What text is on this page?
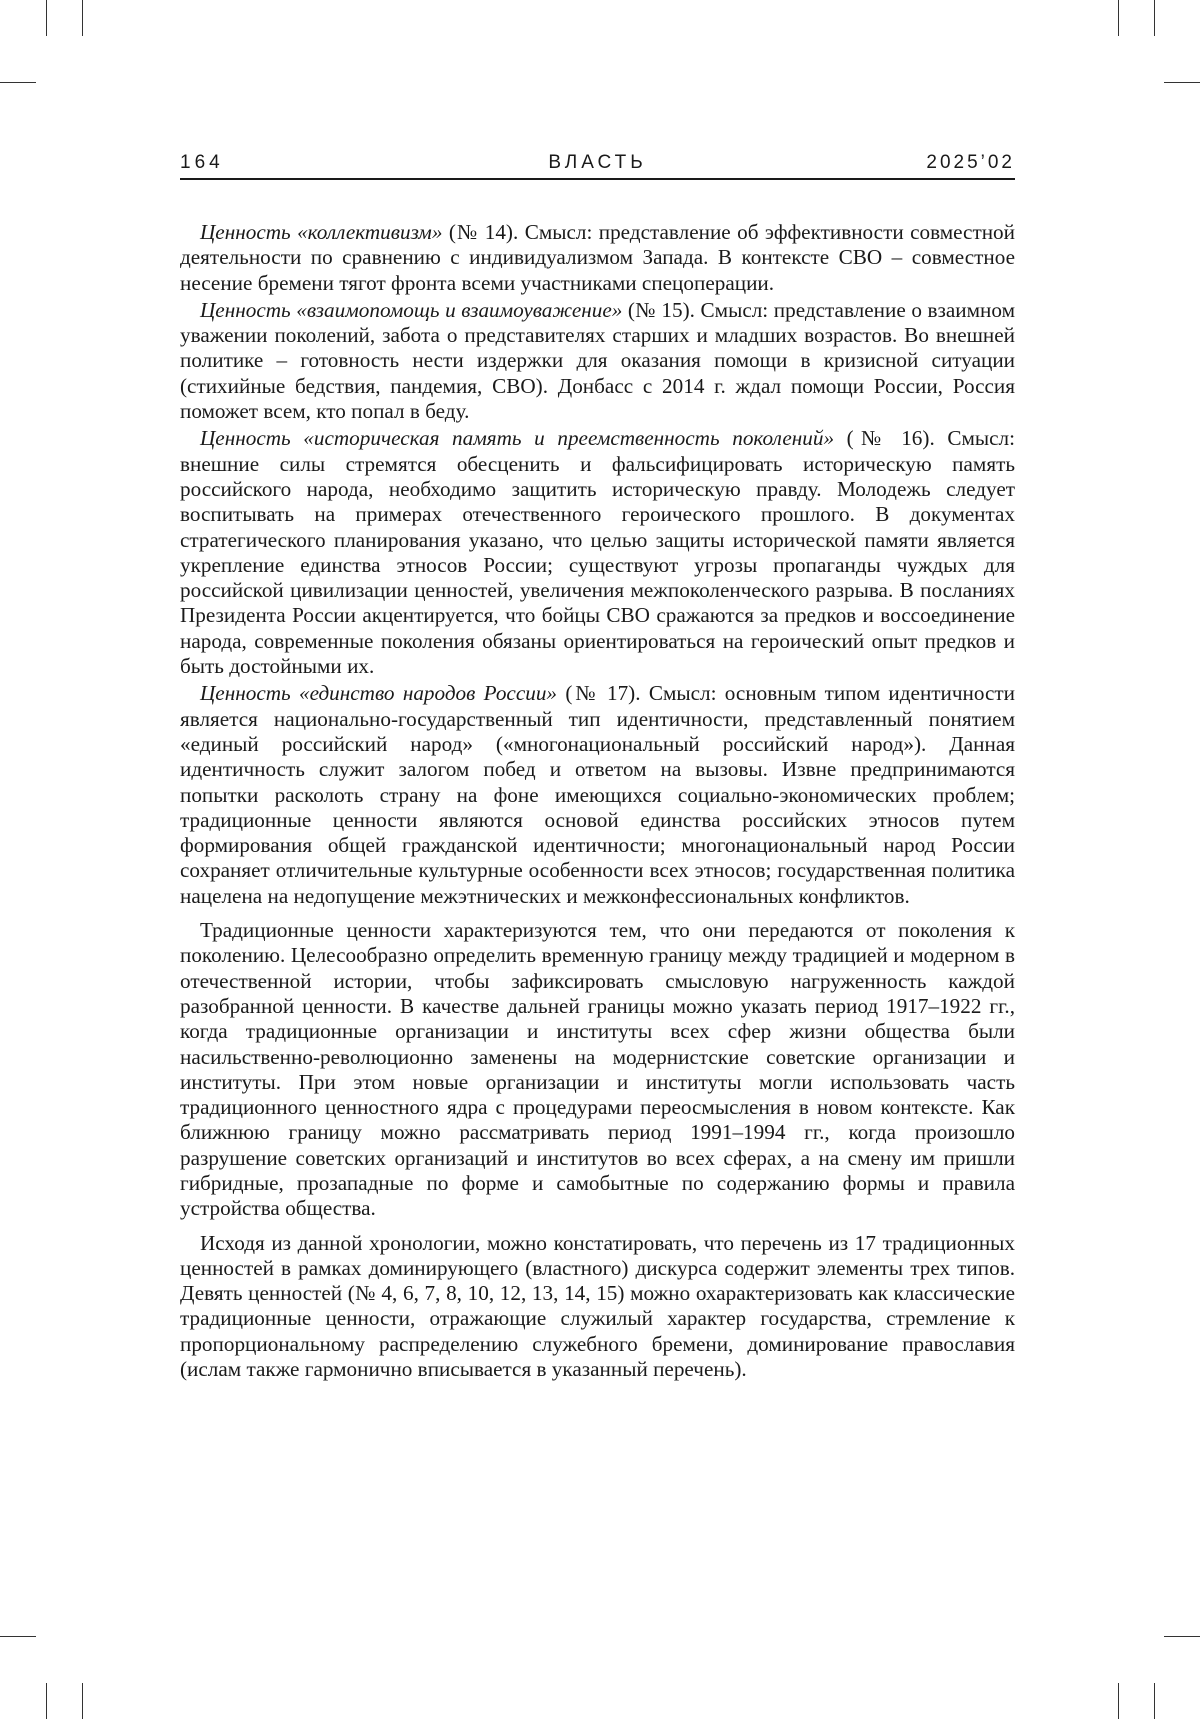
ВЛАСТЬ
164	2025’02

Ценность «коллективизм» (№ 14). Смысл: представление об эффективности совместной деятельности по сравнению с индивидуализмом Запада. В контексте СВО – совместное несение бремени тягот фронта всеми участниками спецоперации.

Ценность «взаимопомощь и взаимоуважение» (№ 15). Смысл: представление о взаимном уважении поколений, забота о представителях старших и младших возрастов. Во внешней политике – готовность нести издержки для оказания помощи в кризисной ситуации (стихийные бедствия, пандемия, СВО). Донбасс с 2014 г. ждал помощи России, Россия поможет всем, кто попал в беду.

Ценность «историческая память и преемственность поколений» (№ 16). Смысл: внешние силы стремятся обесценить и фальсифицировать историческую память российского народа, необходимо защитить историческую правду. Молодежь следует воспитывать на примерах отечественного героического прошлого. В документах стратегического планирования указано, что целью защиты исторической памяти является укрепление единства этносов России; существуют угрозы пропаганды чуждых для российской цивилизации ценностей, увеличения межпоколенческого разрыва. В посланиях Президента России акцентируется, что бойцы СВО сражаются за предков и воссоединение народа, современные поколения обязаны ориентироваться на героический опыт предков и быть достойными их.

Ценность «единство народов России» (№ 17). Смысл: основным типом идентичности является национально-государственный тип идентичности, представленный понятием «единый российский народ» («многонациональный российский народ»). Данная идентичность служит залогом побед и ответом на вызовы. Извне предпринимаются попытки расколоть страну на фоне имеющихся социально-экономических проблем; традиционные ценности являются основой единства российских этносов путем формирования общей гражданской идентичности; многонациональный народ России сохраняет отличительные культурные особенности всех этносов; государственная политика нацелена на недопущение межэтнических и межконфессиональных конфликтов.

Традиционные ценности характеризуются тем, что они передаются от поколения к поколению. Целесообразно определить временную границу между традицией и модерном в отечественной истории, чтобы зафиксировать смысловую нагруженность каждой разобранной ценности. В качестве дальней границы можно указать период 1917–1922 гг., когда традиционные организации и институты всех сфер жизни общества были насильственно-революционно заменены на модернистские советские организации и институты. При этом новые организации и институты могли использовать часть традиционного ценностного ядра с процедурами переосмысления в новом контексте. Как ближнюю границу можно рассматривать период 1991–1994 гг., когда произошло разрушение советских организаций и институтов во всех сферах, а на смену им пришли гибридные, прозападные по форме и самобытные по содержанию формы и правила устройства общества.

Исходя из данной хронологии, можно констатировать, что перечень из 17 традиционных ценностей в рамках доминирующего (властного) дискурса содержит элементы трех типов. Девять ценностей (№ 4, 6, 7, 8, 10, 12, 13, 14, 15) можно охарактеризовать как классические традиционные ценности, отражающие служилый характер государства, стремление к пропорциональному распределению служебного бремени, доминирование православия (ислам также гармонично вписывается в указанный перечень).
